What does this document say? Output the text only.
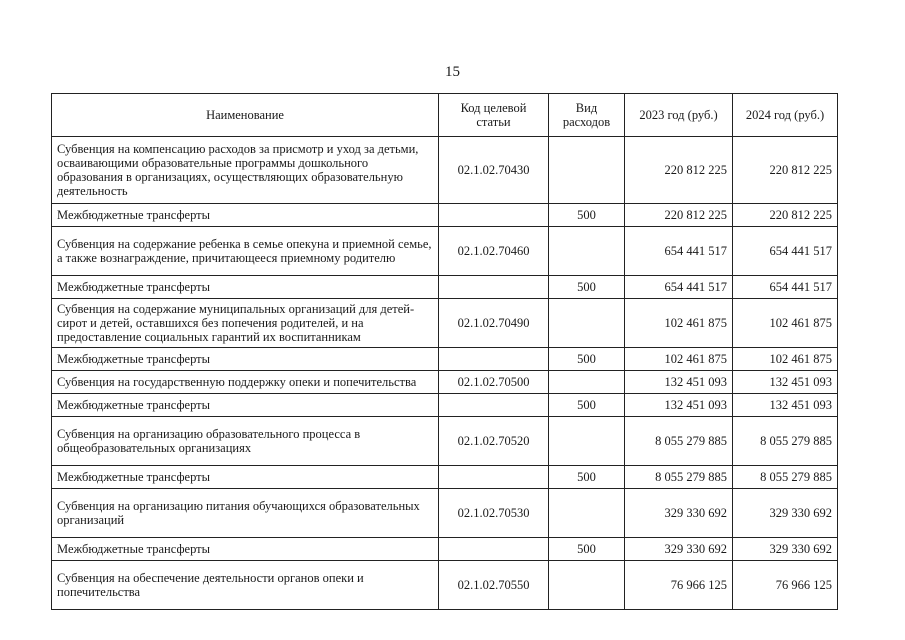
15
Наименование	Код целевой статьи	Вид расходов	2023 год (руб.)	2024 год (руб.)
Субвенция на компенсацию расходов за присмотр и уход за детьми, осваивающими образовательные программы дошкольного образования в организациях, осуществляющих образовательную деятельность	02.1.02.70430		220 812 225	220 812 225
Межбюджетные трансферты		500	220 812 225	220 812 225
Субвенция на содержание ребенка в семье опекуна и приемной семье, а также вознаграждение, причитающееся приемному родителю	02.1.02.70460		654 441 517	654 441 517
Межбюджетные трансферты		500	654 441 517	654 441 517
Субвенция на содержание муниципальных организаций для детей-сирот и детей, оставшихся без попечения родителей, и на предоставление социальных гарантий их воспитанникам	02.1.02.70490		102 461 875	102 461 875
Межбюджетные трансферты		500	102 461 875	102 461 875
Субвенция на государственную поддержку опеки и попечительства	02.1.02.70500		132 451 093	132 451 093
Межбюджетные трансферты		500	132 451 093	132 451 093
Субвенция на организацию образовательного процесса в общеобразовательных организациях	02.1.02.70520		8 055 279 885	8 055 279 885
Межбюджетные трансферты		500	8 055 279 885	8 055 279 885
Субвенция на организацию питания обучающихся образовательных организаций	02.1.02.70530		329 330 692	329 330 692
Межбюджетные трансферты		500	329 330 692	329 330 692
Субвенция на обеспечение деятельности органов опеки и попечительства	02.1.02.70550		76 966 125	76 966 125
